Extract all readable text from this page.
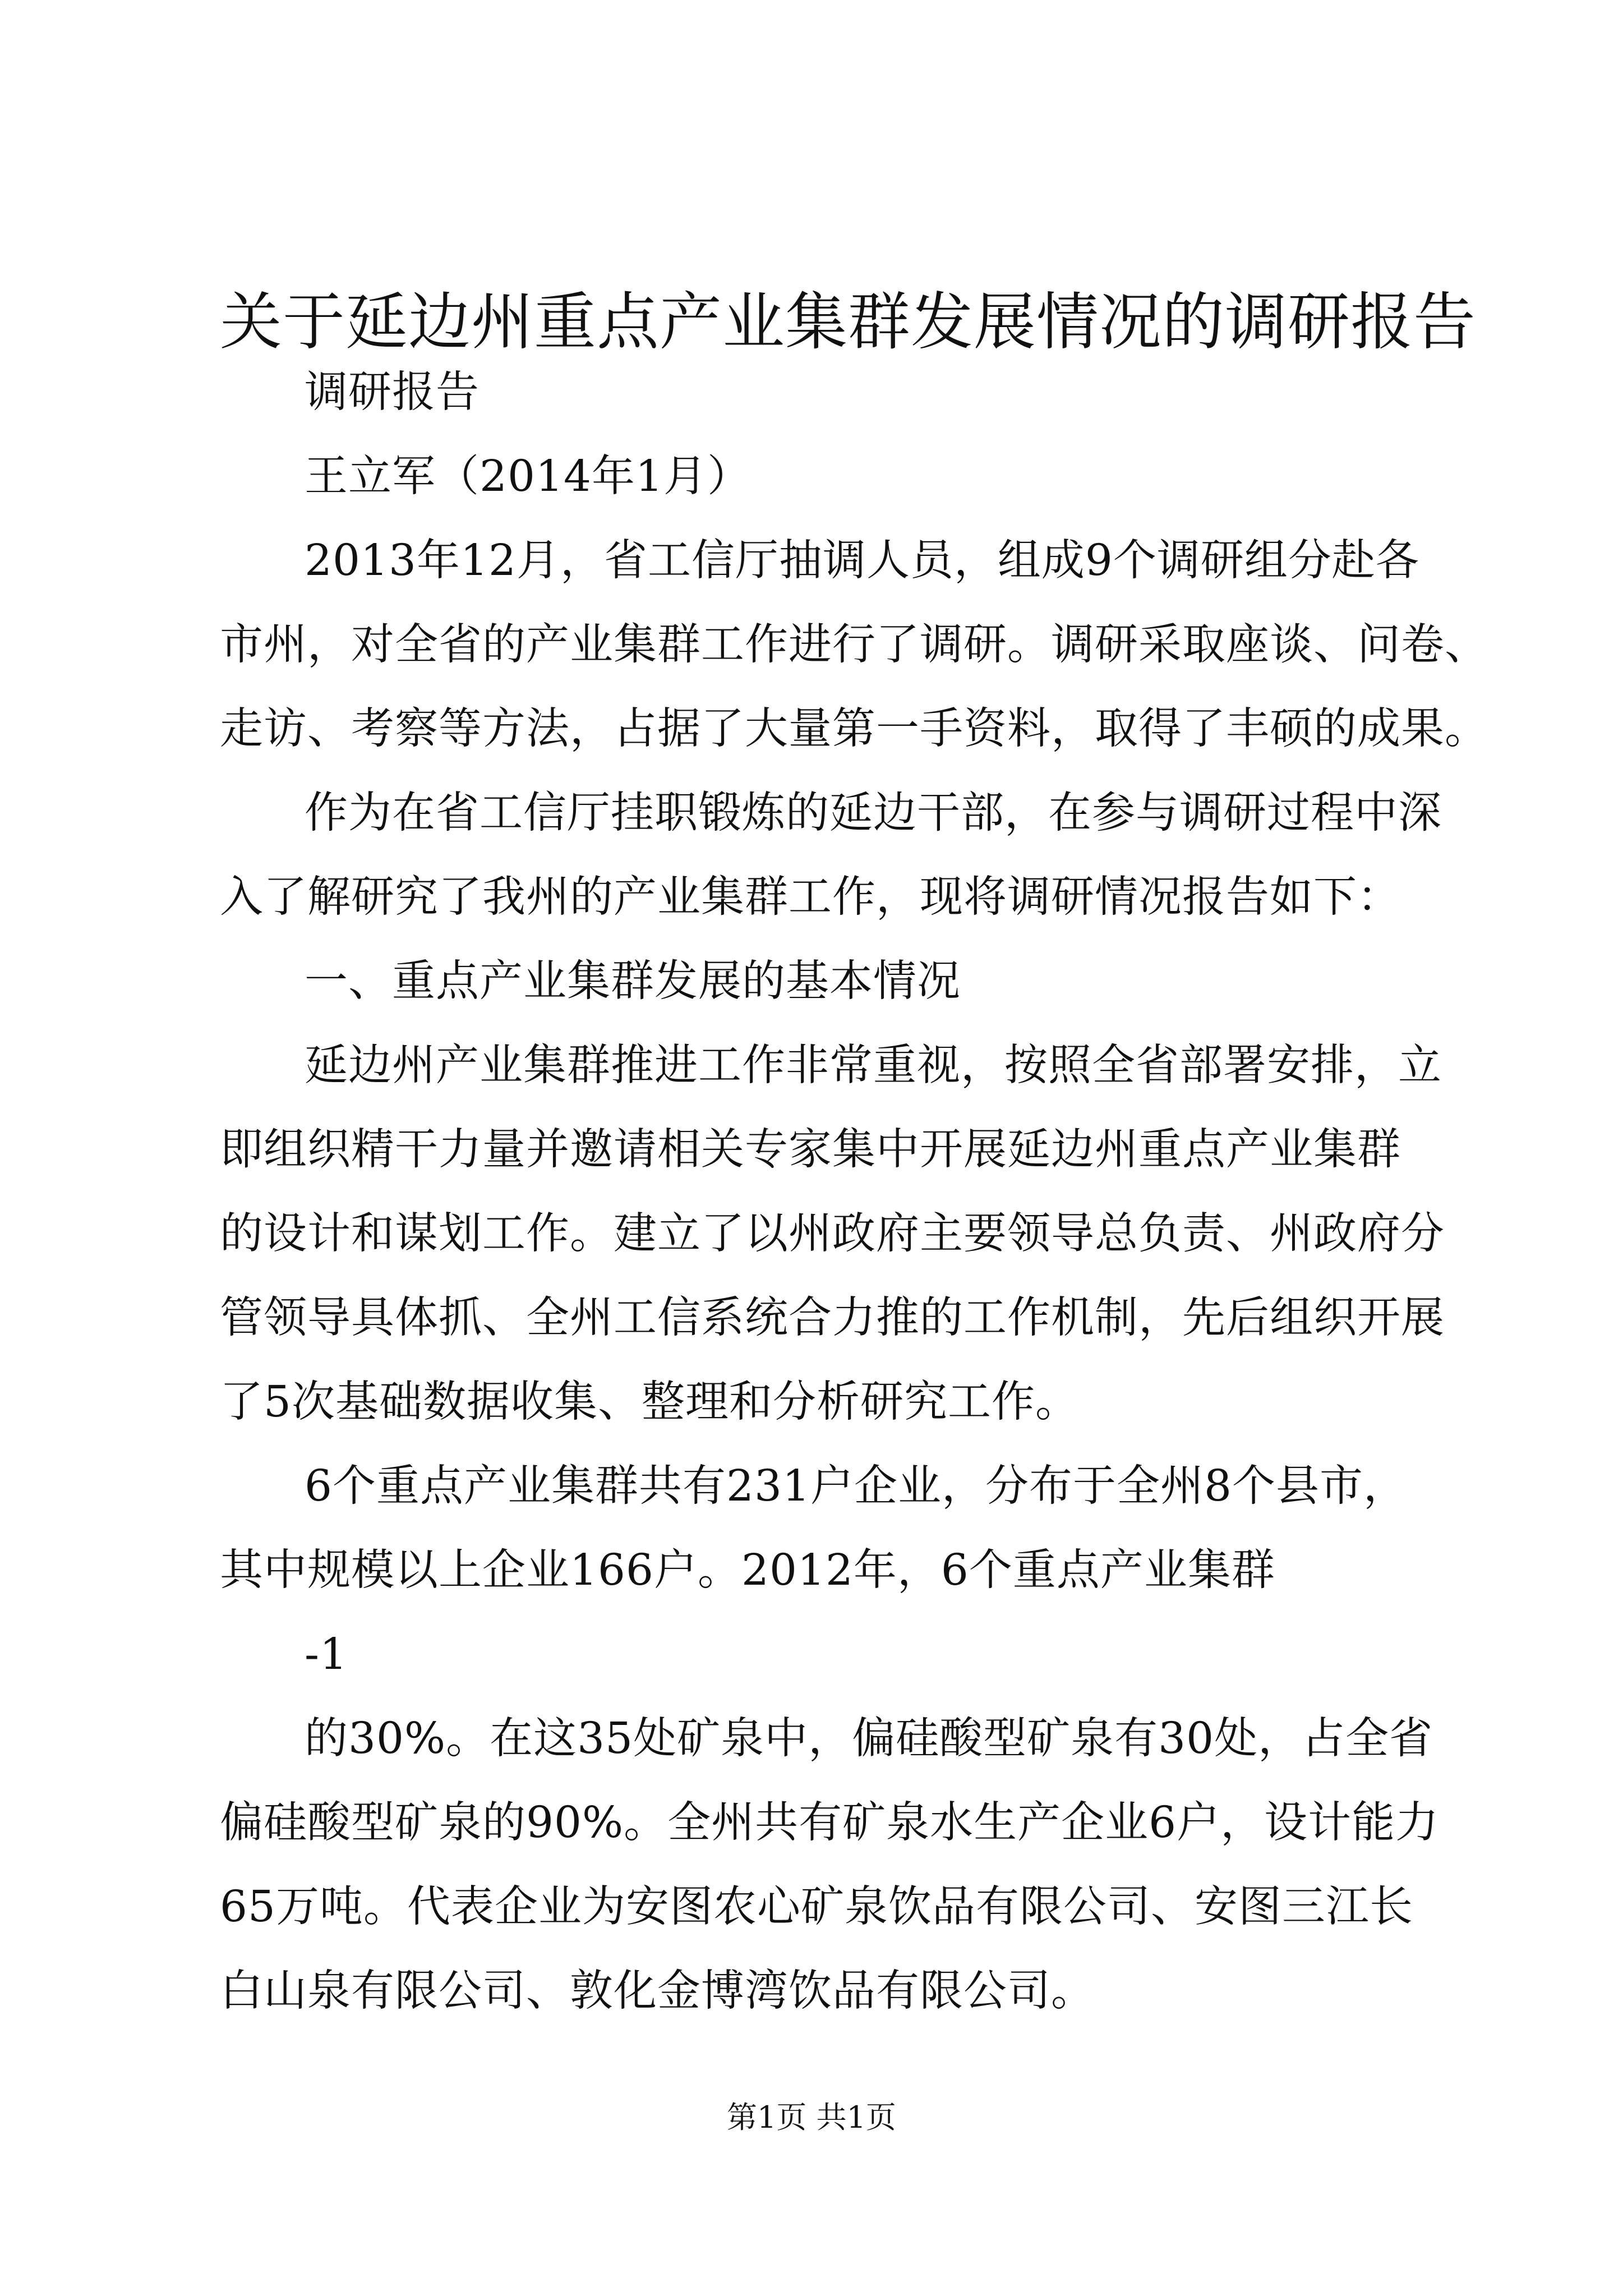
关于延边州重点产业集群发展情况的调研报告
调研报告
王立军（2014年1月）
2013年12月，省工信厅抽调人员，组成9个调研组分赴各
市州，对全省的产业集群工作进行了调研。调研采取座谈、问卷、
走访、考察等方法，占据了大量第一手资料，取得了丰硕的成果。
作为在省工信厅挂职锻炼的延边干部，在参与调研过程中深
入了解研究了我州的产业集群工作，现将调研情况报告如下：
一、重点产业集群发展的基本情况
延边州产业集群推进工作非常重视，按照全省部署安排，立
即组织精干力量并邀请相关专家集中开展延边州重点产业集群
的设计和谋划工作。建立了以州政府主要领导总负责、州政府分
管领导具体抓、全州工信系统合力推的工作机制，先后组织开展
了5次基础数据收集、整理和分析研究工作。
6个重点产业集群共有231户企业，分布于全州8个县市，
其中规模以上企业166户。2012年，6个重点产业集群
-1
的30%。在这35处矿泉中，偏硅酸型矿泉有30处，占全省
偏硅酸型矿泉的90%。全州共有矿泉水生产企业6户，设计能力
65万吨。代表企业为安图农心矿泉饮品有限公司、安图三江长
白山泉有限公司、敦化金博湾饮品有限公司。
第1页 共1页
